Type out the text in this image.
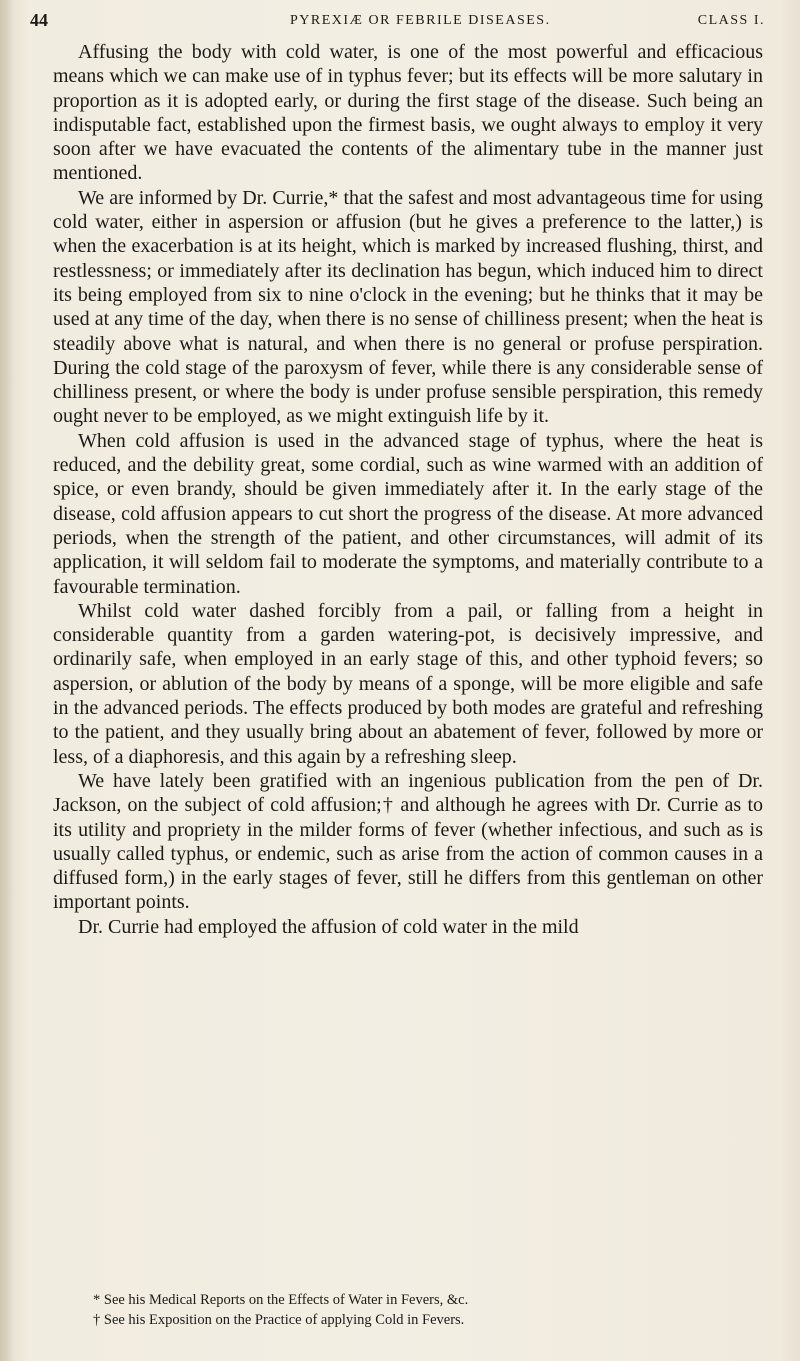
44	PYREXIÆ OR FEBRILE DISEASES.	CLASS I.

Affusing the body with cold water, is one of the most powerful and efficacious means which we can make use of in typhus fever; but its effects will be more salutary in proportion as it is adopted early, or during the first stage of the disease. Such being an indisputable fact, established upon the firmest basis, we ought always to employ it very soon after we have evacuated the contents of the alimentary tube in the manner just mentioned.

We are informed by Dr. Currie,* that the safest and most advantageous time for using cold water, either in aspersion or affusion (but he gives a preference to the latter,) is when the exacerbation is at its height, which is marked by increased flushing, thirst, and restlessness; or immediately after its declination has begun, which induced him to direct its being employed from six to nine o'clock in the evening; but he thinks that it may be used at any time of the day, when there is no sense of chilliness present; when the heat is steadily above what is natural, and when there is no general or profuse perspiration. During the cold stage of the paroxysm of fever, while there is any considerable sense of chilliness present, or where the body is under profuse sensible perspiration, this remedy ought never to be employed, as we might extinguish life by it.

When cold affusion is used in the advanced stage of typhus, where the heat is reduced, and the debility great, some cordial, such as wine warmed with an addition of spice, or even brandy, should be given immediately after it. In the early stage of the disease, cold affusion appears to cut short the progress of the disease. At more advanced periods, when the strength of the patient, and other circumstances, will admit of its application, it will seldom fail to moderate the symptoms, and materially contribute to a favourable termination.

Whilst cold water dashed forcibly from a pail, or falling from a height in considerable quantity from a garden watering-pot, is decisively impressive, and ordinarily safe, when employed in an early stage of this, and other typhoid fevers; so aspersion, or ablution of the body by means of a sponge, will be more eligible and safe in the advanced periods. The effects produced by both modes are grateful and refreshing to the patient, and they usually bring about an abatement of fever, followed by more or less, of a diaphoresis, and this again by a refreshing sleep.

We have lately been gratified with an ingenious publication from the pen of Dr. Jackson, on the subject of cold affusion;† and although he agrees with Dr. Currie as to its utility and propriety in the milder forms of fever (whether infectious, and such as is usually called typhus, or endemic, such as arise from the action of common causes in a diffused form,) in the early stages of fever, still he differs from this gentleman on other important points.

Dr. Currie had employed the affusion of cold water in the mild

* See his Medical Reports on the Effects of Water in Fevers, &c.

† See his Exposition on the Practice of applying Cold in Fevers.
